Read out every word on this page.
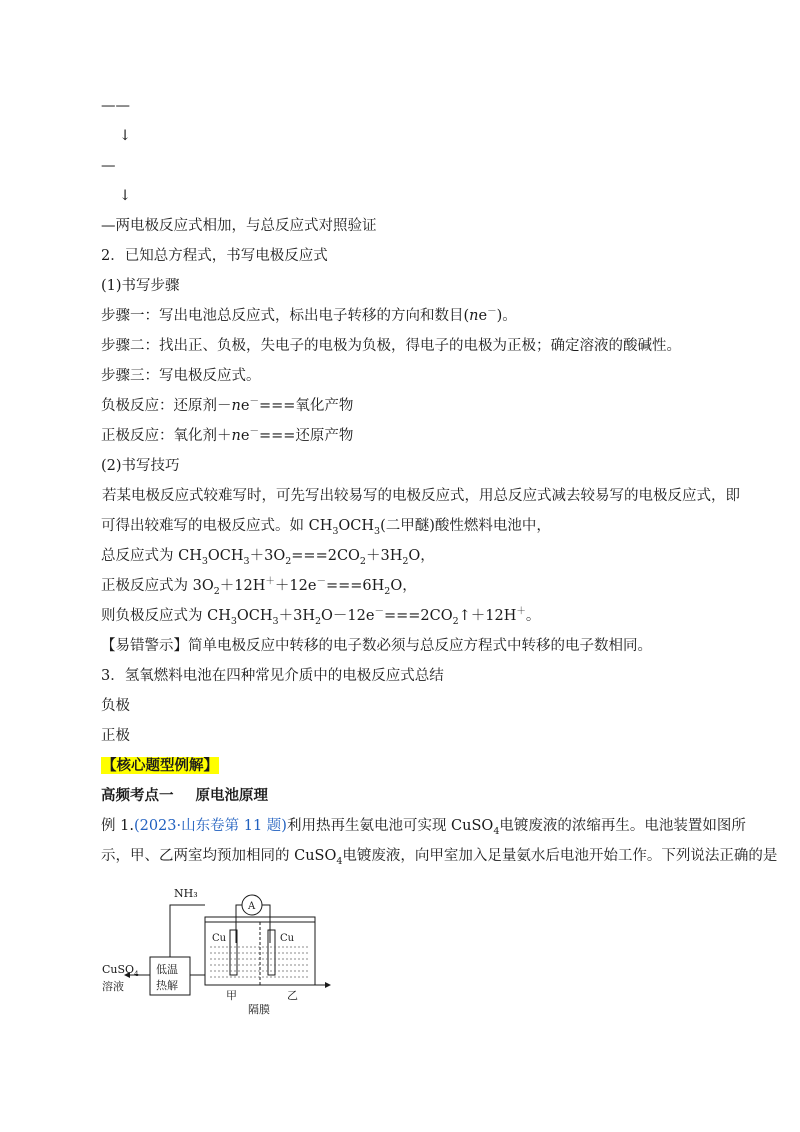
——
↓
—
↓
—两电极反应式相加，与总反应式对照验证
2．已知总方程式，书写电极反应式
(1)书写步骤
步骤一：写出电池总反应式，标出电子转移的方向和数目(ne－)。
步骤二：找出正、负极，失电子的电极为负极，得电子的电极为正极；确定溶液的酸碱性。
步骤三：写电极反应式。
负极反应：还原剂－ne－===氧化产物
正极反应：氧化剂＋ne－===还原产物
(2)书写技巧
若某电极反应式较难写时，可先写出较易写的电极反应式，用总反应式减去较易写的电极反应式，即
可得出较难写的电极反应式。如 $CH_3OCH_3$(二甲醚)酸性燃料电池中，
总反应式为 $CH_3OCH_3+3O_2===2CO_2+3H_2O$，
正极反应式为 $3O_2+12H^++12e^-===6H_2O$，
则负极反应式为 $CH_3OCH_3+3H_2O-12e^-===2CO_2↑+12H^+$。
【易错警示】简单电极反应中转移的电子数必须与总反应方程式中转移的电子数相同。
3．氢氧燃料电池在四种常见介质中的电极反应式总结
负极
正极
【核心题型例解】
高频考点一 原电池原理
例 1.(2023·山东卷第 11 题)利用热再生氨电池可实现 CuSO$_4$电镀废液的浓缩再生。电池装置如图所
示，甲、乙两室均预加相同的 CuSO$_4$电镀废液，向甲室加入足量氨水后电池开始工作。下列说法正确的是
NH₃
A
Cu	Cu
CuSO$_4$
溶液
低温
热解
甲	乙
隔膜
